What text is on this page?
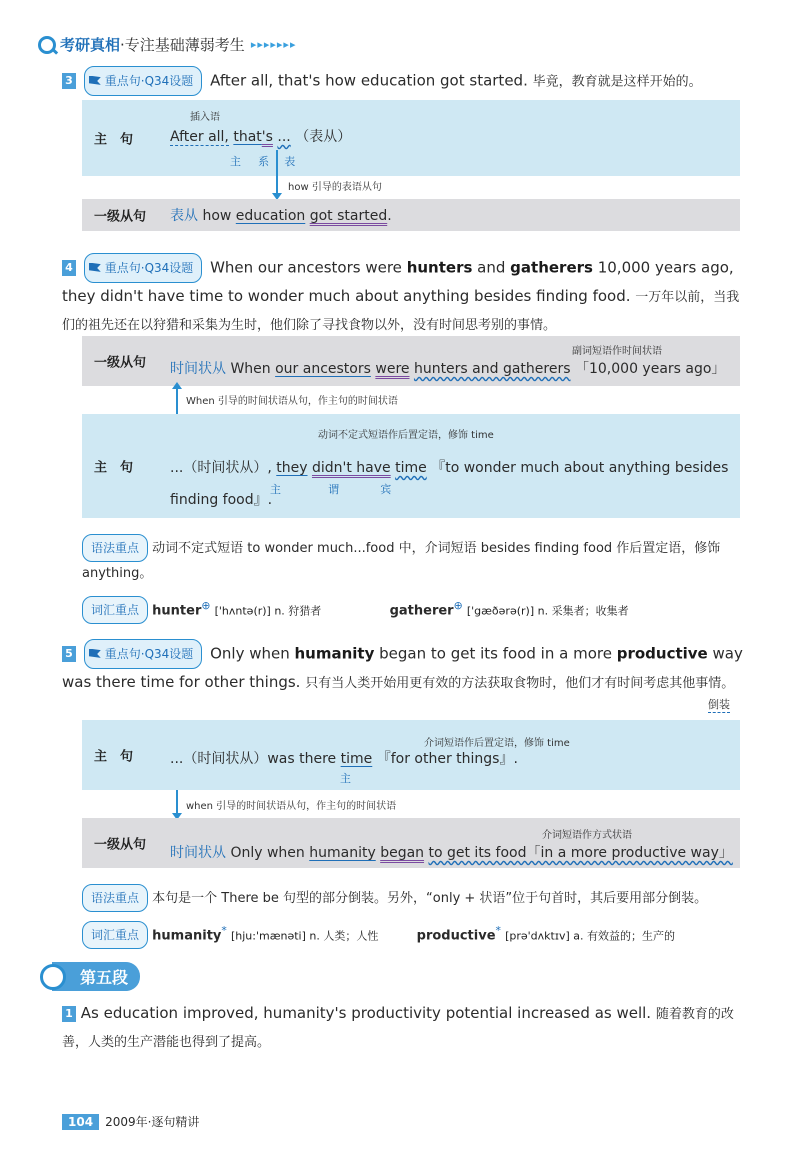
考研真相 · 专注基础薄弱考生 ▸▸▸▸▸▸▸
3	重点句·Q34设题 After all, that's how education got started. 毕竟，教育就是这样开始的。
主　句
插入语
After all, that's ... （表从）
主 系 表
how 引导的表语从句
一级从句	表从 how education got started.
4	重点句·Q34设题 When our ancestors were hunters and gatherers 10,000 years ago, they didn't have time to wonder much about anything besides finding food. 一万年以前，当我们的祖先还在以狩猎和采集为生时，他们除了寻找食物以外，没有时间思考别的事情。
一级从句
副词短语作时间状语
时间状从 When our ancestors were hunters and gatherers 「10,000 years ago」
When 引导的时间状语从句，作主句的时间状语
主　句
动词不定式短语作后置定语，修饰 time
...（时间状从）, they didn't have time 『to wonder much about anything besides finding food』.
主	谓	宾
语法重点 动词不定式短语 to wonder much...food 中，介词短语 besides finding food 作后置定语，修饰 anything。
词汇重点 hunter⊕ ['hʌntə(r)] n. 狩猎者	gatherer⊕ ['gæðərə(r)] n. 采集者；收集者
5	重点句·Q34设题 Only when humanity began to get its food in a more productive way was there time for other things. 只有当人类开始用更有效的方法获取食物时，他们才有时间考虑其他事情。
倒装
主　句
介词短语作后置定语，修饰 time
...（时间状从）was there time 『for other things』.
主
when 引导的时间状语从句，作主句的时间状语
一级从句
介词短语作方式状语
时间状从 Only when humanity began to get its food「in a more productive way」
语法重点 本句是一个 There be 句型的部分倒装。另外，“only + 状语”位于句首时，其后要用部分倒装。
词汇重点 humanity* [hju:'mænəti] n. 人类；人性	productive* [prə'dʌktɪv] a. 有效益的；生产的
第五段
1 As education improved, humanity's productivity potential increased as well. 随着教育的改善，人类的生产潜能也得到了提高。
104	2009年·逐句精讲
